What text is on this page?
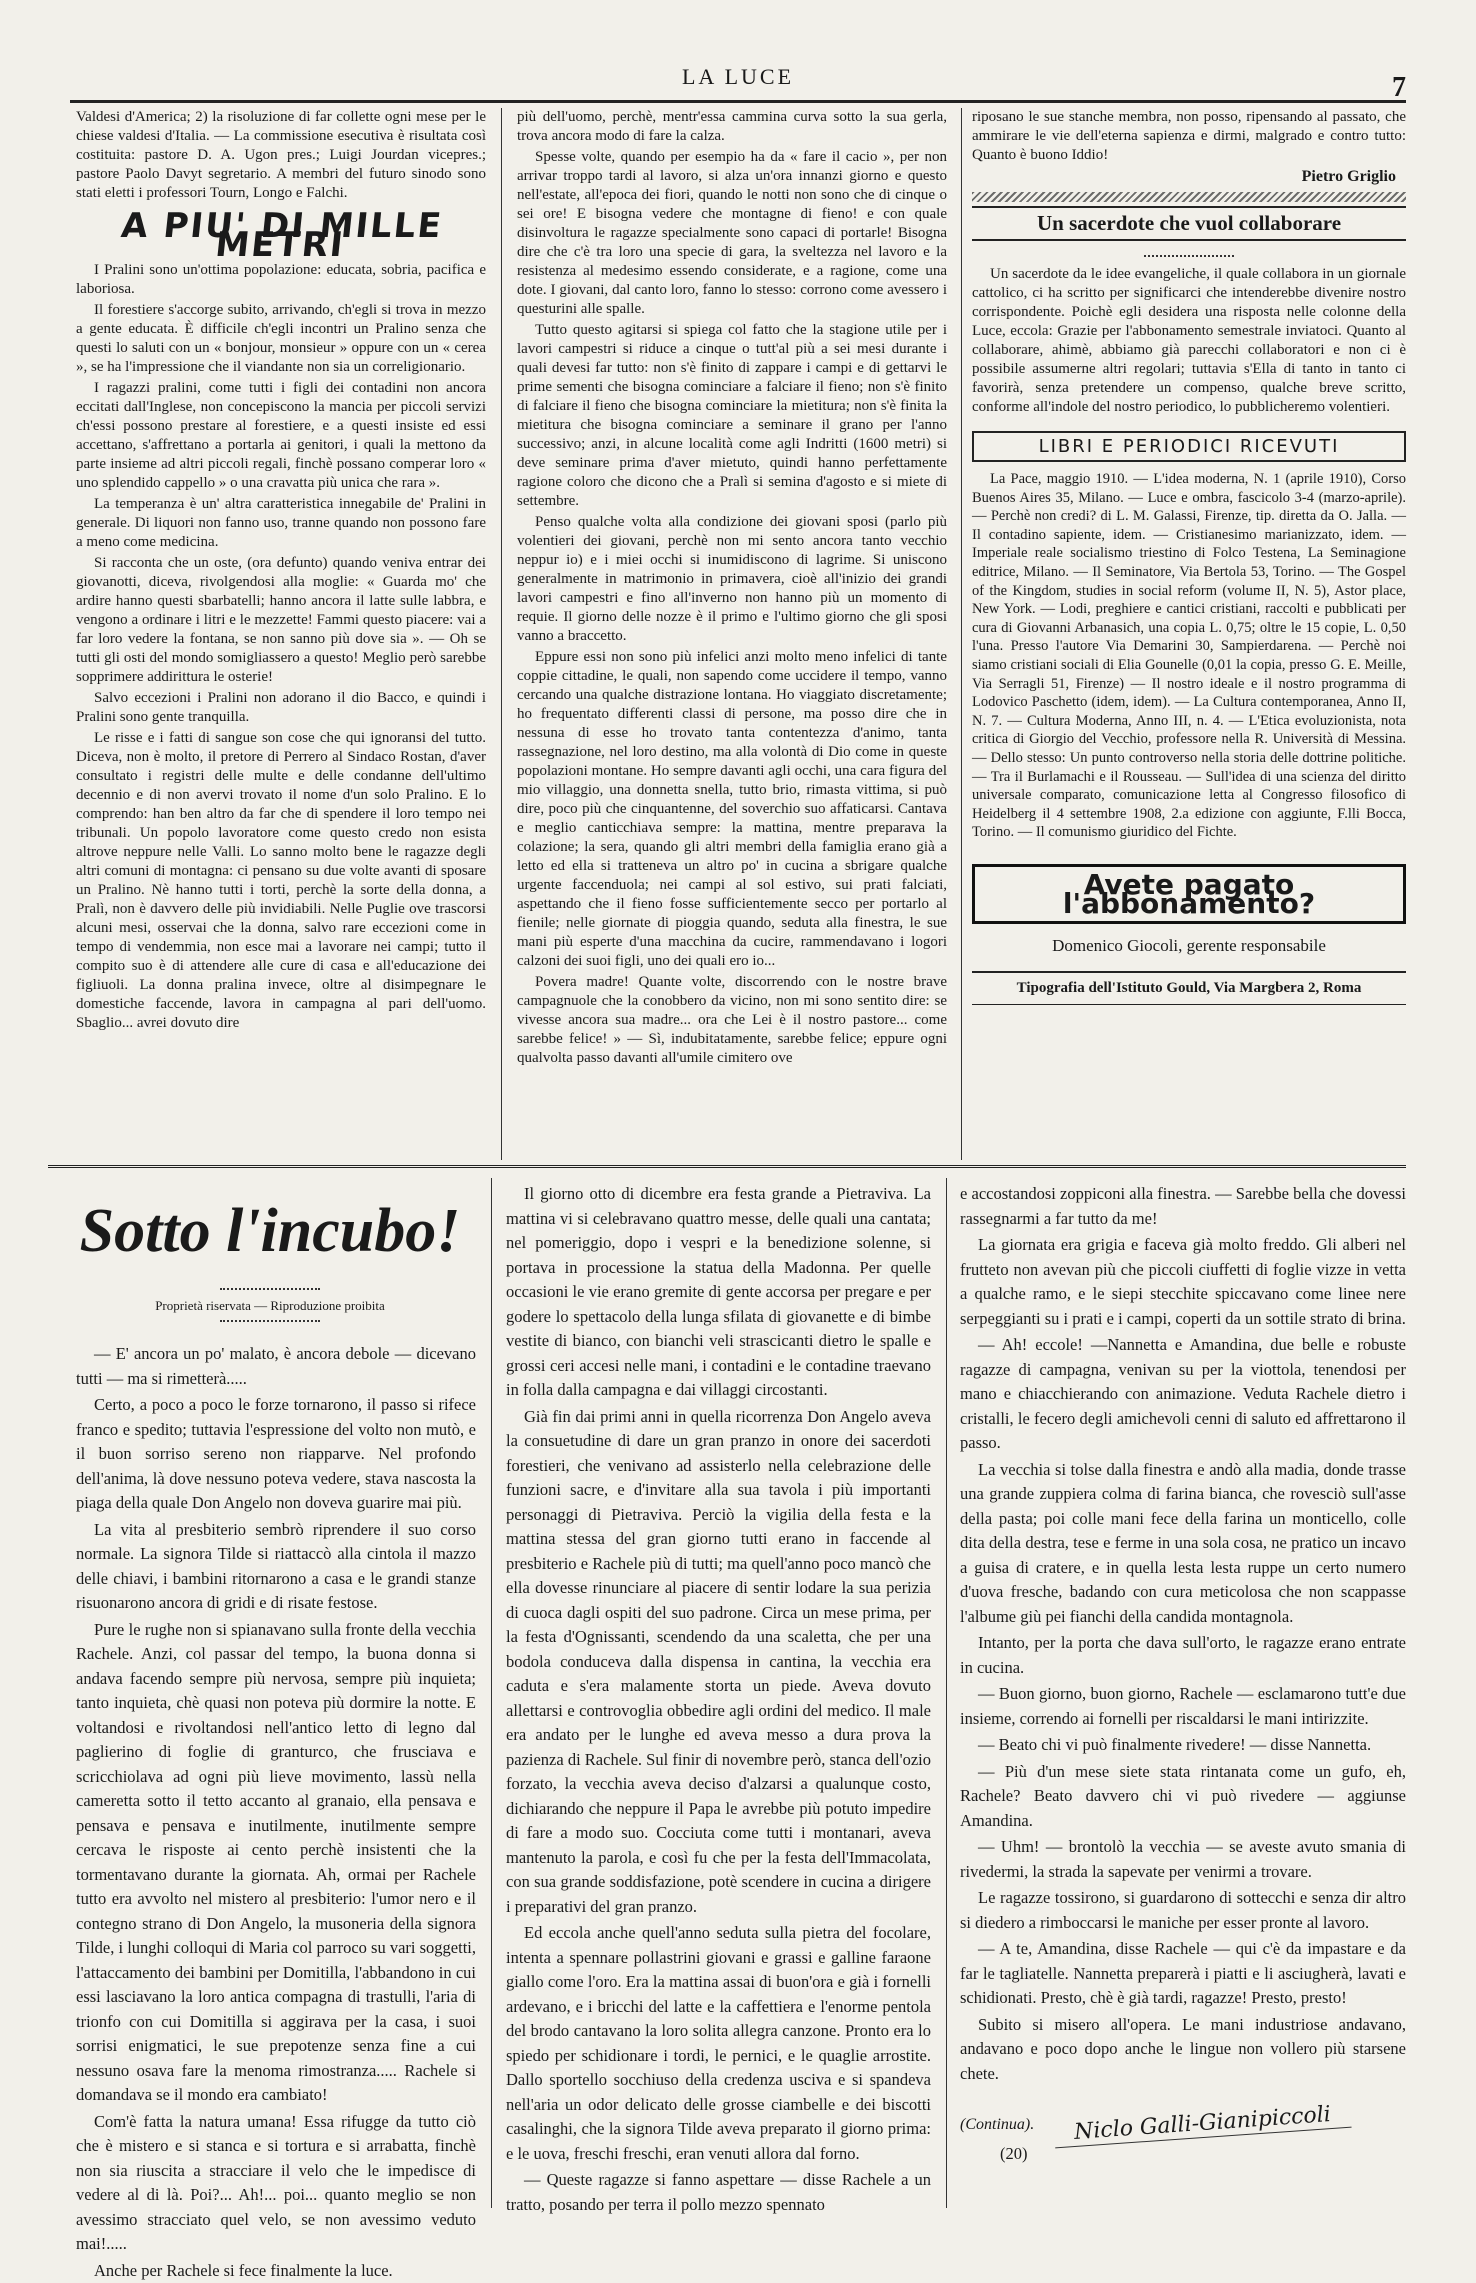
LA LUCE	7

Valdesi d'America; 2) la risoluzione di far collette ogni mese per le chiese valdesi d'Italia. — La commissione esecutiva è risultata così costituita: pastore D. A. Ugon pres.; Luigi Jourdan vicepres.; pastore Paolo Davyt segretario. A membri del futuro sinodo sono stati eletti i professori Tourn, Longo e Falchi.

A PIU' DI MILLE METRI

I Pralini sono un'ottima popolazione: educata, sobria, pacifica e laboriosa.

Il forestiere s'accorge subito, arrivando, ch'egli si trova in mezzo a gente educata. È difficile ch'egli incontri un Pralino senza che questi lo saluti con un « bonjour, monsieur » oppure con un « cerea », se ha l'impressione che il viandante non sia un correligionario.

I ragazzi pralini, come tutti i figli dei contadini non ancora eccitati dall'Inglese, non concepiscono la mancia per piccoli servizi ch'essi possono prestare al forestiere, e a questi insiste ed essi accettano, s'affrettano a portarla ai genitori, i quali la mettono da parte insieme ad altri piccoli regali, finchè possano comperar loro « uno splendido cappello » o una cravatta più unica che rara ».

La temperanza è un' altra caratteristica innegabile de' Pralini in generale. Di liquori non fanno uso, tranne quando non possono fare a meno come medicina.

Si racconta che un oste, (ora defunto) quando veniva entrar dei giovanotti, diceva, rivolgendosi alla moglie: « Guarda mo' che ardire hanno questi sbarbatelli; hanno ancora il latte sulle labbra, e vengono a ordinare i litri e le mezzette! Fammi questo piacere: vai a far loro vedere la fontana, se non sanno più dove sia ». — Oh se tutti gli osti del mondo somigliassero a questo! Meglio però sarebbe sopprimere addirittura le osterie!

Salvo eccezioni i Pralini non adorano il dio Bacco, e quindi i Pralini sono gente tranquilla.

Le risse e i fatti di sangue son cose che qui ignoransi del tutto. Diceva, non è molto, il pretore di Perrero al Sindaco Rostan, d'aver consultato i registri delle multe e delle condanne dell'ultimo decennio e di non avervi trovato il nome d'un solo Pralino. E lo comprendo: han ben altro da far che di spendere il loro tempo nei tribunali. Un popolo lavoratore come questo credo non esista altrove neppure nelle Valli. Lo sanno molto bene le ragazze degli altri comuni di montagna: ci pensano su due volte avanti di sposare un Pralino. Nè hanno tutti i torti, perchè la sorte della donna, a Pralì, non è davvero delle più invidiabili. Nelle Puglie ove trascorsi alcuni mesi, osservai che la donna, salvo rare eccezioni come in tempo di vendemmia, non esce mai a lavorare nei campi; tutto il compito suo è di attendere alle cure di casa e all'educazione dei figliuoli. La donna pralina invece, oltre al disimpegnare le domestiche faccende, lavora in campagna al pari dell'uomo. Sbaglio... avrei dovuto dire

più dell'uomo, perchè, mentr'essa cammina curva sotto la sua gerla, trova ancora modo di fare la calza.

Spesse volte, quando per esempio ha da « fare il cacio », per non arrivar troppo tardi al lavoro, si alza un'ora innanzi giorno e questo nell'estate, all'epoca dei fiori, quando le notti non sono che di cinque o sei ore! E bisogna vedere che montagne di fieno! e con quale disinvoltura le ragazze specialmente sono capaci di portarle! Bisogna dire che c'è tra loro una specie di gara, la sveltezza nel lavoro e la resistenza al medesimo essendo considerate, e a ragione, come una dote. I giovani, dal canto loro, fanno lo stesso: corrono come avessero i questurini alle spalle.

Tutto questo agitarsi si spiega col fatto che la stagione utile per i lavori campestri si riduce a cinque o tutt'al più a sei mesi durante i quali devesi far tutto: non s'è finito di zappare i campi e di gettarvi le prime sementi che bisogna cominciare a falciare il fieno; non s'è finito di falciare il fieno che bisogna cominciare la mietitura; non s'è finita la mietitura che bisogna cominciare a seminare il grano per l'anno successivo; anzi, in alcune località come agli Indritti (1600 metri) si deve seminare prima d'aver mietuto, quindi hanno perfettamente ragione coloro che dicono che a Pralì si semina d'agosto e si miete di settembre.

Penso qualche volta alla condizione dei giovani sposi (parlo più volentieri dei giovani, perchè non mi sento ancora tanto vecchio neppur io) e i miei occhi si inumidiscono di lagrime. Si uniscono generalmente in matrimonio in primavera, cioè all'inizio dei grandi lavori campestri e fino all'inverno non hanno più un momento di requie. Il giorno delle nozze è il primo e l'ultimo giorno che gli sposi vanno a braccetto.

Eppure essi non sono più infelici anzi molto meno infelici di tante coppie cittadine, le quali, non sapendo come uccidere il tempo, vanno cercando una qualche distrazione lontana. Ho viaggiato discretamente; ho frequentato differenti classi di persone, ma posso dire che in nessuna di esse ho trovato tanta contentezza d'animo, tanta rassegnazione, nel loro destino, ma alla volontà di Dio come in queste popolazioni montane. Ho sempre davanti agli occhi, una cara figura del mio villaggio, una donnetta snella, tutto brio, rimasta vittima, si può dire, poco più che cinquantenne, del soverchio suo affaticarsi. Cantava e meglio canticchiava sempre: la mattina, mentre preparava la colazione; la sera, quando gli altri membri della famiglia erano già a letto ed ella si tratteneva un altro po' in cucina a sbrigare qualche urgente faccenduola; nei campi al sol estivo, sui prati falciati, aspettando che il fieno fosse sufficientemente secco per portarlo al fienile; nelle giornate di pioggia quando, seduta alla finestra, le sue mani più esperte d'una macchina da cucire, rammendavano i logori calzoni dei suoi figli, uno dei quali ero io...

Povera madre! Quante volte, discorrendo con le nostre brave campagnuole che la conobbero da vicino, non mi sono sentito dire: se vivesse ancora sua madre... ora che Lei è il nostro pastore... come sarebbe felice! » — Sì, indubitatamente, sarebbe felice; eppure ogni qualvolta passo davanti all'umile cimitero ove

riposano le sue stanche membra, non posso, ripensando al passato, che ammirare le vie dell'eterna sapienza e dirmi, malgrado e contro tutto: Quanto è buono Iddio!

Pietro Griglio
Un sacerdote che vuol collaborare

Un sacerdote da le idee evangeliche, il quale collabora in un giornale cattolico, ci ha scritto per significarci che intenderebbe divenire nostro corrispondente. Poichè egli desidera una risposta nelle colonne della Luce, eccola: Grazie per l'abbonamento semestrale inviatoci. Quanto al collaborare, ahimè, abbiamo già parecchi collaboratori e non ci è possibile assumerne altri regolari; tuttavia s'Ella di tanto in tanto ci favorirà, senza pretendere un compenso, qualche breve scritto, conforme all'indole del nostro periodico, lo pubblicheremo volentieri.

LIBRI E PERIODICI RICEVUTI

La Pace, maggio 1910. — L'idea moderna, N. 1 (aprile 1910), Corso Buenos Aires 35, Milano. — Luce e ombra, fascicolo 3-4 (marzo-aprile). — Perchè non credi? di L. M. Galassi, Firenze, tip. diretta da O. Jalla. — Il contadino sapiente, idem. — Cristianesimo marianizzato, idem. — Imperiale reale socialismo triestino di Folco Testena, La Seminagione editrice, Milano. — Il Seminatore, Via Bertola 53, Torino. — The Gospel of the Kingdom, studies in social reform (volume II, N. 5), Astor place, New York. — Lodi, preghiere e cantici cristiani, raccolti e pubblicati per cura di Giovanni Arbanasich, una copia L. 0,75; oltre le 15 copie, L. 0,50 l'una. Presso l'autore Via Demarini 30, Sampierdarena. — Perchè noi siamo cristiani sociali di Elia Gounelle (0,01 la copia, presso G. E. Meille, Via Serragli 51, Firenze) — Il nostro ideale e il nostro programma di Lodovico Paschetto (idem, idem). — La Cultura contemporanea, Anno II, N. 7. — Cultura Moderna, Anno III, n. 4. — L'Etica evoluzionista, nota critica di Giorgio del Vecchio, professore nella R. Università di Messina. — Dello stesso: Un punto controverso nella storia delle dottrine politiche. — Tra il Burlamachi e il Rousseau. — Sull'idea di una scienza del diritto universale comparato, comunicazione letta al Congresso filosofico di Heidelberg il 4 settembre 1908, 2.a edizione con aggiunte, F.lli Bocca, Torino. — Il comunismo giuridico del Fichte.

Avete pagato l'abbonamento?
Domenico Giocoli, gerente responsabile
Tipografia dell'Istituto Gould, Via Margbera 2, Roma
Sotto l'incubo!
Proprietà riservata — Riproduzione proibita

— E' ancora un po' malato, è ancora debole — dicevano tutti — ma si rimetterà.....

Certo, a poco a poco le forze tornarono, il passo si rifece franco e spedito; tuttavia l'espressione del volto non mutò, e il buon sorriso sereno non riapparve. Nel profondo dell'anima, là dove nessuno poteva vedere, stava nascosta la piaga della quale Don Angelo non doveva guarire mai più.

La vita al presbiterio sembrò riprendere il suo corso normale. La signora Tilde si riattaccò alla cintola il mazzo delle chiavi, i bambini ritornarono a casa e le grandi stanze risuonarono ancora di gridi e di risate festose.

Pure le rughe non si spianavano sulla fronte della vecchia Rachele. Anzi, col passar del tempo, la buona donna si andava facendo sempre più nervosa, sempre più inquieta; tanto inquieta, chè quasi non poteva più dormire la notte. E voltandosi e rivoltandosi nell'antico letto di legno dal paglierino di foglie di granturco, che frusciava e scricchiolava ad ogni più lieve movimento, lassù nella cameretta sotto il tetto accanto al granaio, ella pensava e pensava e pensava e inutilmente, inutilmente sempre cercava le risposte ai cento perchè insistenti che la tormentavano durante la giornata. Ah, ormai per Rachele tutto era avvolto nel mistero al presbiterio: l'umor nero e il contegno strano di Don Angelo, la musoneria della signora Tilde, i lunghi colloqui di Maria col parroco su vari soggetti, l'attaccamento dei bambini per Domitilla, l'abbandono in cui essi lasciavano la loro antica compagna di trastulli, l'aria di trionfo con cui Domitilla si aggirava per la casa, i suoi sorrisi enigmatici, le sue prepotenze senza fine a cui nessuno osava fare la menoma rimostranza..... Rachele si domandava se il mondo era cambiato!

Com'è fatta la natura umana! Essa rifugge da tutto ciò che è mistero e si stanca e si tortura e si arrabatta, finchè non sia riuscita a stracciare il velo che le impedisce di vedere al di là. Poi?... Ah!... poi... quanto meglio se non avessimo stracciato quel velo, se non avessimo veduto mai!.....

Anche per Rachele si fece finalmente la luce.

Il giorno otto di dicembre era festa grande a Pietraviva. La mattina vi si celebravano quattro messe, delle quali una cantata; nel pomeriggio, dopo i vespri e la benedizione solenne, si portava in processione la statua della Madonna. Per quelle occasioni le vie erano gremite di gente accorsa per pregare e per godere lo spettacolo della lunga sfilata di giovanette e di bimbe vestite di bianco, con bianchi veli strascicanti dietro le spalle e grossi ceri accesi nelle mani, i contadini e le contadine traevano in folla dalla campagna e dai villaggi circostanti.

Già fin dai primi anni in quella ricorrenza Don Angelo aveva la consuetudine di dare un gran pranzo in onore dei sacerdoti forestieri, che venivano ad assisterlo nella celebrazione delle funzioni sacre, e d'invitare alla sua tavola i più importanti personaggi di Pietraviva. Perciò la vigilia della festa e la mattina stessa del gran giorno tutti erano in faccende al presbiterio e Rachele più di tutti; ma quell'anno poco mancò che ella dovesse rinunciare al piacere di sentir lodare la sua perizia di cuoca dagli ospiti del suo padrone. Circa un mese prima, per la festa d'Ognissanti, scendendo da una scaletta, che per una bodola conduceva dalla dispensa in cantina, la vecchia era caduta e s'era malamente storta un piede. Aveva dovuto allettarsi e controvoglia obbedire agli ordini del medico. Il male era andato per le lunghe ed aveva messo a dura prova la pazienza di Rachele. Sul finir di novembre però, stanca dell'ozio forzato, la vecchia aveva deciso d'alzarsi a qualunque costo, dichiarando che neppure il Papa le avrebbe più potuto impedire di fare a modo suo. Cocciuta come tutti i montanari, aveva mantenuto la parola, e così fu che per la festa dell'Immacolata, con sua grande soddisfazione, potè scendere in cucina a dirigere i preparativi del gran pranzo.

Ed eccola anche quell'anno seduta sulla pietra del focolare, intenta a spennare pollastrini giovani e grassi e galline faraone giallo come l'oro. Era la mattina assai di buon'ora e già i fornelli ardevano, e i bricchi del latte e la caffettiera e l'enorme pentola del brodo cantavano la loro solita allegra canzone. Pronto era lo spiedo per schidionare i tordi, le pernici, e le quaglie arrostite. Dallo sportello socchiuso della credenza usciva e si spandeva nell'aria un odor delicato delle grosse ciambelle e dei biscotti casalinghi, che la signora Tilde aveva preparato il giorno prima: e le uova, freschi freschi, eran venuti allora dal forno.

— Queste ragazze si fanno aspettare — disse Rachele a un tratto, posando per terra il pollo mezzo spennato

e accostandosi zoppiconi alla finestra. — Sarebbe bella che dovessi rassegnarmi a far tutto da me!

La giornata era grigia e faceva già molto freddo. Gli alberi nel frutteto non avevan più che piccoli ciuffetti di foglie vizze in vetta a qualche ramo, e le siepi stecchite spiccavano come linee nere serpeggianti su i prati e i campi, coperti da un sottile strato di brina.

— Ah! eccole! —Nannetta e Amandina, due belle e robuste ragazze di campagna, venivan su per la viottola, tenendosi per mano e chiacchierando con animazione. Veduta Rachele dietro i cristalli, le fecero degli amichevoli cenni di saluto ed affrettarono il passo.

La vecchia si tolse dalla finestra e andò alla madia, donde trasse una grande zuppiera colma di farina bianca, che rovesciò sull'asse della pasta; poi colle mani fece della farina un monticello, colle dita della destra, tese e ferme in una sola cosa, ne pratico un incavo a guisa di cratere, e in quella lesta lesta ruppe un certo numero d'uova fresche, badando con cura meticolosa che non scappasse l'albume giù pei fianchi della candida montagnola.

Intanto, per la porta che dava sull'orto, le ragazze erano entrate in cucina.

— Buon giorno, buon giorno, Rachele — esclamarono tutt'e due insieme, correndo ai fornelli per riscaldarsi le mani intirizzite.

— Beato chi vi può finalmente rivedere! — disse Nannetta.

— Più d'un mese siete stata rintanata come un gufo, eh, Rachele? Beato davvero chi vi può rivedere — aggiunse Amandina.

— Uhm! — brontolò la vecchia — se aveste avuto smania di rivedermi, la strada la sapevate per venirmi a trovare.

Le ragazze tossirono, si guardarono di sottecchi e senza dir altro si diedero a rimboccarsi le maniche per esser pronte al lavoro.

— A te, Amandina, disse Rachele — qui c'è da impastare e da far le tagliatelle. Nannetta preparerà i piatti e li asciugherà, lavati e schidionati. Presto, chè è già tardi, ragazze! Presto, presto!

Subito si misero all'opera. Le mani industriose andavano, andavano e poco dopo anche le lingue non vollero più starsene chete.

(Continua).	Niclo Galli-Gianipiccoli
(20)
